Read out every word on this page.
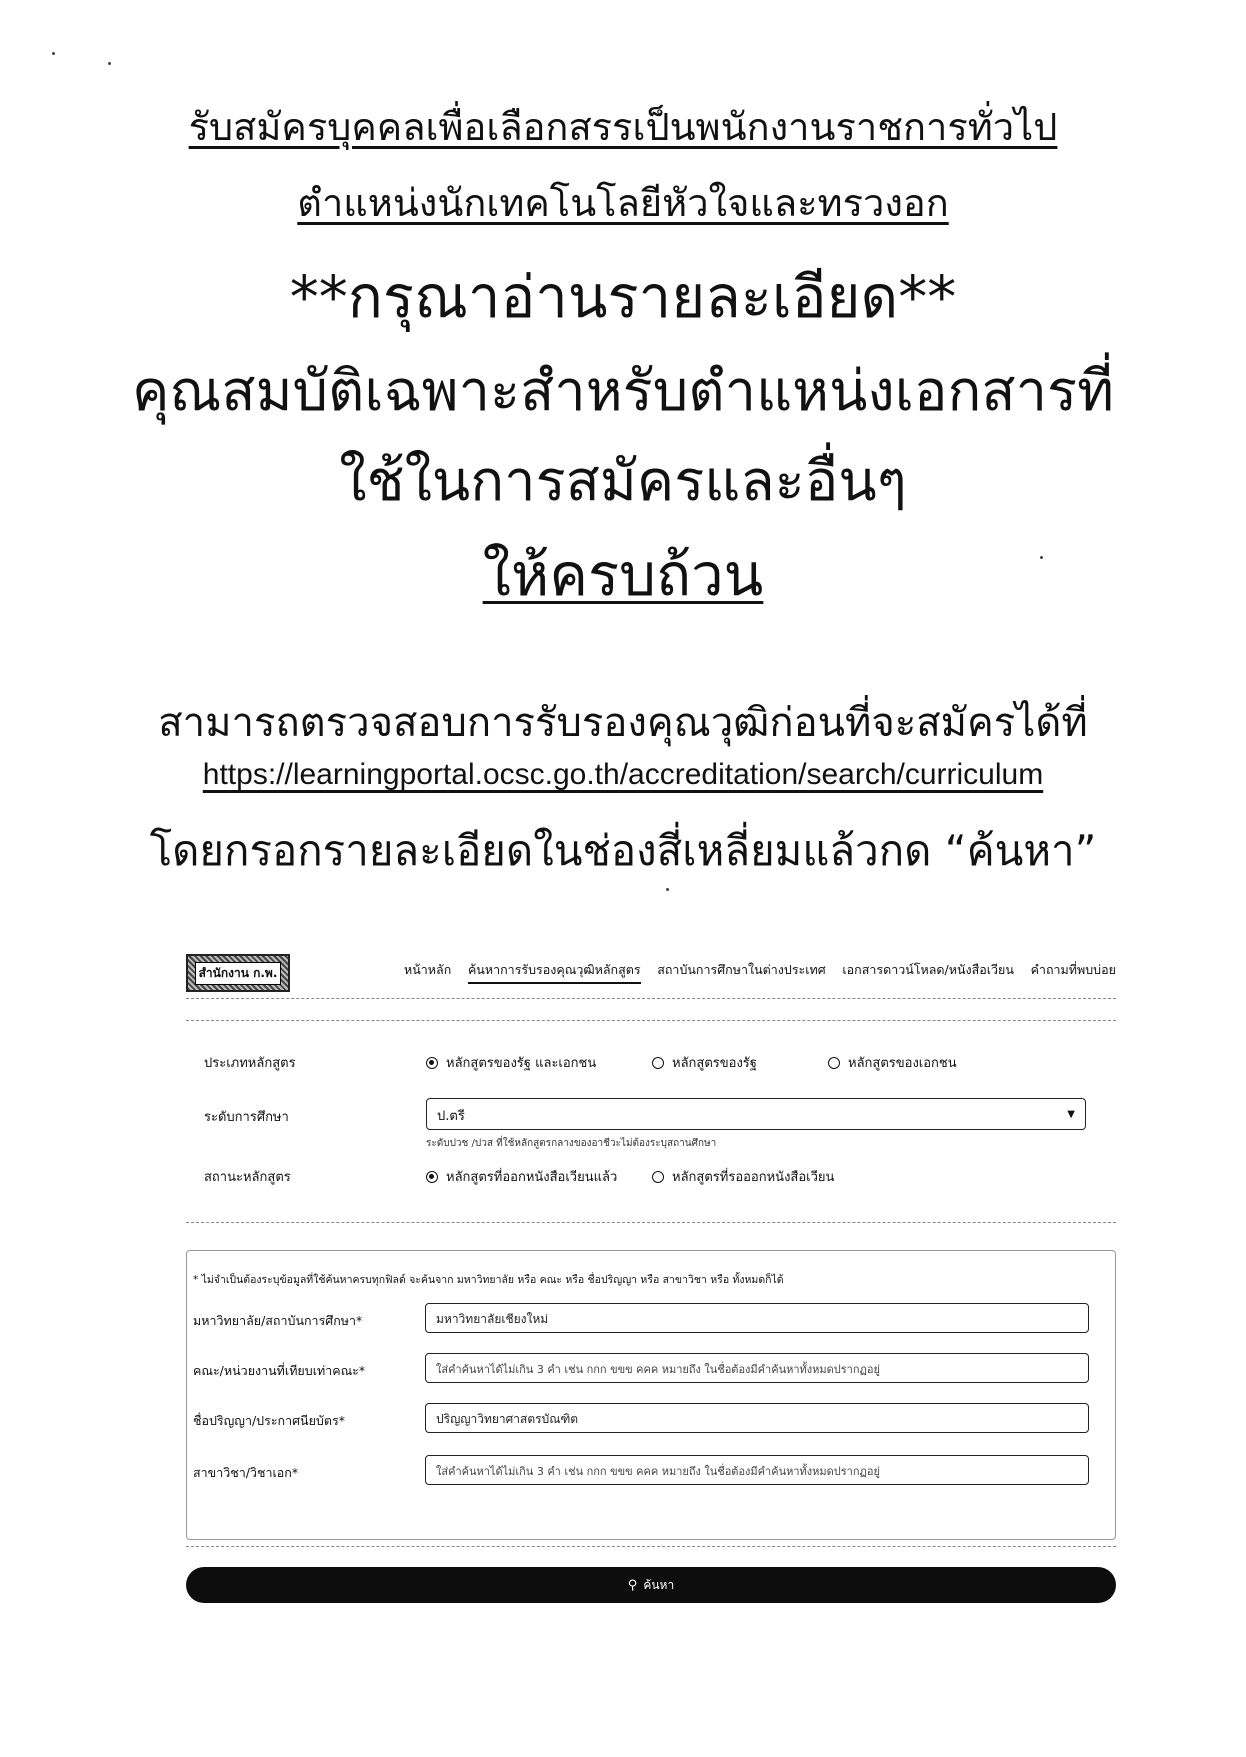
รับสมัครบุคคลเพื่อเลือกสรรเป็นพนักงานราชการทั่วไป
ตำแหน่งนักเทคโนโลยีหัวใจและทรวงอก
**กรุณาอ่านรายละเอียด**
คุณสมบัติเฉพาะสำหรับตำแหน่งเอกสารที่
ใช้ในการสมัครและอื่นๆ
ให้ครบถ้วน
สามารถตรวจสอบการรับรองคุณวุฒิก่อนที่จะสมัครได้ที่
https://learningportal.ocsc.go.th/accreditation/search/curriculum
โดยกรอกรายละเอียดในช่องสี่เหลี่ยมแล้วกด “ค้นหา”
สำนักงาน ก.พ.	หน้าหลัก ค้นหาการรับรองคุณวุฒิหลักสูตร สถาบันการศึกษาในต่างประเทศ เอกสารดาวน์โหลด/หนังสือเวียน คำถามที่พบบ่อย
ประเภทหลักสูตร	หลักสูตรของรัฐ และเอกชน	หลักสูตรของรัฐ	หลักสูตรของเอกชน
ระดับการศึกษา	ป.ตรี	▼
ระดับปวช /ปวส ที่ใช้หลักสูตรกลางของอาชีวะไม่ต้องระบุสถานศึกษา
สถานะหลักสูตร	หลักสูตรที่ออกหนังสือเวียนแล้ว	หลักสูตรที่รอออกหนังสือเวียน
* ไม่จำเป็นต้องระบุข้อมูลที่ใช้ค้นหาครบทุกฟิลด์ จะค้นจาก มหาวิทยาลัย หรือ คณะ หรือ ชื่อปริญญา หรือ สาขาวิชา หรือ ทั้งหมดก็ได้
มหาวิทยาลัย/สถาบันการศึกษา*	มหาวิทยาลัยเชียงใหม่
คณะ/หน่วยงานที่เทียบเท่าคณะ*	ใส่คำค้นหาได้ไม่เกิน 3 คำ เช่น กกก ขขข คคค หมายถึง ในชื่อต้องมีคำค้นหาทั้งหมดปรากฏอยู่
ชื่อปริญญา/ประกาศนียบัตร*	ปริญญาวิทยาศาสตรบัณฑิต
สาขาวิชา/วิชาเอก*	ใส่คำค้นหาได้ไม่เกิน 3 คำ เช่น กกก ขขข คคค หมายถึง ในชื่อต้องมีคำค้นหาทั้งหมดปรากฏอยู่
⚲ ค้นหา
